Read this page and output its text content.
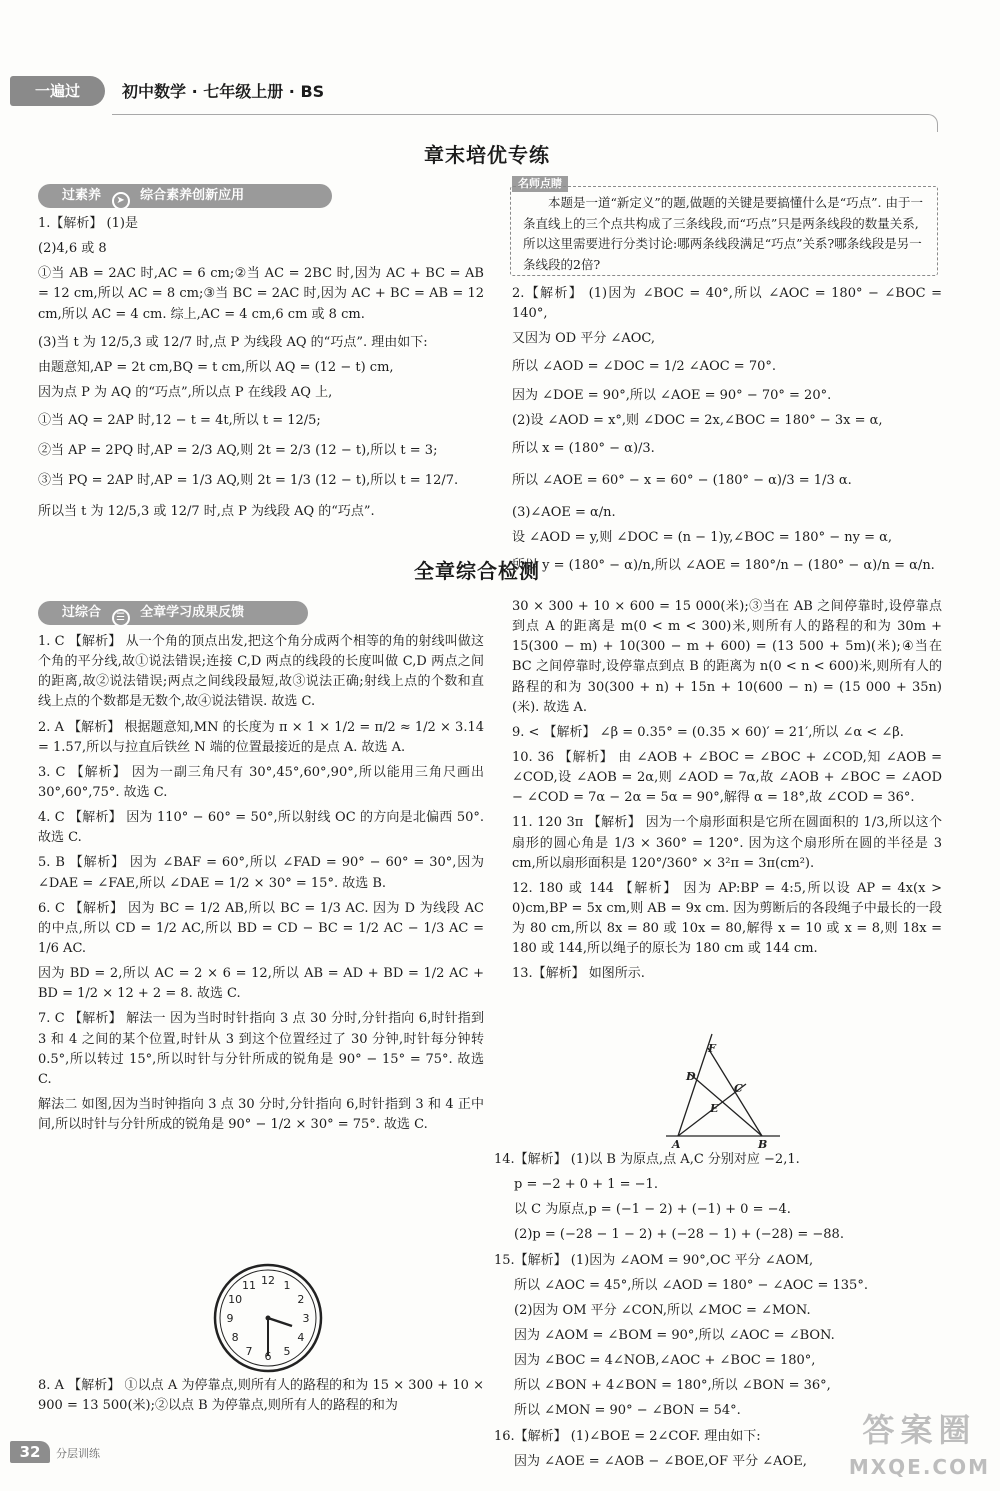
一遍过	初中数学 · 七年级上册 · BS
章末培优专练
过素养 ➤ 综合素养创新应用
名师点睛
本题是一道“新定义”的题,做题的关键是要搞懂什么是“巧点”. 由于一条直线上的三个点共构成了三条线段,而“巧点”只是两条线段的数量关系,所以这里需要进行分类讨论:哪两条线段满足“巧点”关系?哪条线段是另一条线段的2倍?

1.【解析】 (1)是

(2)4,6 或 8

①当 AB = 2AC 时,AC = 6 cm;②当 AC = 2BC 时,因为 AC + BC = AB = 12 cm,所以 AC = 8 cm;③当 BC = 2AC 时,因为 AC + BC = AB = 12 cm,所以 AC = 4 cm. 综上,AC = 4 cm,6 cm 或 8 cm.

(3)当 t 为 12/5,3 或 12/7 时,点 P 为线段 AQ 的“巧点”. 理由如下:

由题意知,AP = 2t cm,BQ = t cm,所以 AQ = (12 − t) cm,

因为点 P 为 AQ 的“巧点”,所以点 P 在线段 AQ 上,

①当 AQ = 2AP 时,12 − t = 4t,所以 t = 12/5;

②当 AP = 2PQ 时,AP = 2/3 AQ,则 2t = 2/3 (12 − t),所以 t = 3;

③当 PQ = 2AP 时,AP = 1/3 AQ,则 2t = 1/3 (12 − t),所以 t = 12/7.

所以当 t 为 12/5,3 或 12/7 时,点 P 为线段 AQ 的“巧点”.

2.【解析】 (1)因为 ∠BOC = 40°,所以 ∠AOC = 180° − ∠BOC = 140°,

又因为 OD 平分 ∠AOC,

所以 ∠AOD = ∠DOC = 1/2 ∠AOC = 70°.

因为 ∠DOE = 90°,所以 ∠AOE = 90° − 70° = 20°.

(2)设 ∠AOD = x°,则 ∠DOC = 2x,∠BOC = 180° − 3x = α,

所以 x = (180° − α)/3.

所以 ∠AOE = 60° − x = 60° − (180° − α)/3 = 1/3 α.

(3)∠AOE = α/n.

设 ∠AOD = y,则 ∠DOC = (n − 1)y,∠BOC = 180° − ny = α,

所以 y = (180° − α)/n,所以 ∠AOE = 180°/n − (180° − α)/n = α/n.

全章综合检测
过综合 ☰ 全章学习成果反馈

1. C 【解析】 从一个角的顶点出发,把这个角分成两个相等的角的射线叫做这个角的平分线,故①说法错误;连接 C,D 两点的线段的长度叫做 C,D 两点之间的距离,故②说法错误;两点之间线段最短,故③说法正确;射线上点的个数和直线上点的个数都是无数个,故④说法错误. 故选 C.

2. A 【解析】 根据题意知,MN 的长度为 π × 1 × 1/2 = π/2 ≈ 1/2 × 3.14 = 1.57,所以与拉直后铁丝 N 端的位置最接近的是点 A. 故选 A.

3. C 【解析】 因为一副三角尺有 30°,45°,60°,90°,所以能用三角尺画出 30°,60°,75°. 故选 C.

4. C 【解析】 因为 110° − 60° = 50°,所以射线 OC 的方向是北偏西 50°. 故选 C.

5. B 【解析】 因为 ∠BAF = 60°,所以 ∠FAD = 90° − 60° = 30°,因为 ∠DAE = ∠FAE,所以 ∠DAE = 1/2 × 30° = 15°. 故选 B.

6. C 【解析】 因为 BC = 1/2 AB,所以 BC = 1/3 AC. 因为 D 为线段 AC 的中点,所以 CD = 1/2 AC,所以 BD = CD − BC = 1/2 AC − 1/3 AC = 1/6 AC.

因为 BD = 2,所以 AC = 2 × 6 = 12,所以 AB = AD + BD = 1/2 AC + BD = 1/2 × 12 + 2 = 8. 故选 C.

7. C 【解析】 解法一 因为当时时针指向 3 点 30 分时,分针指向 6,时针指到 3 和 4 之间的某个位置,时针从 3 到这个位置经过了 30 分钟,时针每分钟转 0.5°,所以转过 15°,所以时针与分针所成的锐角是 90° − 15° = 75°. 故选 C.

解法二 如图,因为当时钟指向 3 点 30 分时,分针指向 6,时针指到 3 和 4 正中间,所以时针与分针所成的锐角是 90° − 1/2 × 30° = 75°. 故选 C.

8. A 【解析】 ①以点 A 为停靠点,则所有人的路程的和为 15 × 300 + 10 × 900 = 13 500(米);②以点 B 为停靠点,则所有人的路程的和为

12 1
2
3
4
5
6
7
8
9
10
11

30 × 300 + 10 × 600 = 15 000(米);③当在 AB 之间停靠时,设停靠点到点 A 的距离是 m(0 < m < 300)米,则所有人的路程的和为 30m + 15(300 − m) + 10(300 − m + 600) = (13 500 + 5m)(米);④当在 BC 之间停靠时,设停靠点到点 B 的距离为 n(0 < n < 600)米,则所有人的路程的和为 30(300 + n) + 15n + 10(600 − n) = (15 000 + 35n)(米). 故选 A.

9. < 【解析】 ∠β = 0.35° = (0.35 × 60)′ = 21′,所以 ∠α < ∠β.

10. 36 【解析】 由 ∠AOB + ∠BOC = ∠BOC + ∠COD,知 ∠AOB = ∠COD,设 ∠AOB = 2α,则 ∠AOD = 7α,故 ∠AOB + ∠BOC = ∠AOD − ∠COD = 7α − 2α = 5α = 90°,解得 α = 18°,故 ∠COD = 36°.

11. 120 3π 【解析】 因为一个扇形面积是它所在圆面积的 1/3,所以这个扇形的圆心角是 1/3 × 360° = 120°. 因为这个扇形所在圆的半径是 3 cm,所以扇形面积是 120°/360° × 3²π = 3π(cm²).

12. 180 或 144 【解析】 因为 AP:BP = 4:5,所以设 AP = 4x(x > 0)cm,BP = 5x cm,则 AB = 9x cm. 因为剪断后的各段绳子中最长的一段为 80 cm,所以 8x = 80 或 10x = 80,解得 x = 10 或 x = 8,则 18x = 180 或 144,所以绳子的原长为 180 cm 或 144 cm.

13.【解析】 如图所示.

F
D
C
E
A	B

14.【解析】 (1)以 B 为原点,点 A,C 分别对应 −2,1.

p = −2 + 0 + 1 = −1.

以 C 为原点,p = (−1 − 2) + (−1) + 0 = −4.

(2)p = (−28 − 1 − 2) + (−28 − 1) + (−28) = −88.

15.【解析】 (1)因为 ∠AOM = 90°,OC 平分 ∠AOM,

所以 ∠AOC = 45°,所以 ∠AOD = 180° − ∠AOC = 135°.

(2)因为 OM 平分 ∠CON,所以 ∠MOC = ∠MON.

因为 ∠AOM = ∠BOM = 90°,所以 ∠AOC = ∠BON.

因为 ∠BOC = 4∠NOB,∠AOC + ∠BOC = 180°,

所以 ∠BON + 4∠BON = 180°,所以 ∠BON = 36°,

所以 ∠MON = 90° − ∠BON = 54°.

16.【解析】 (1)∠BOE = 2∠COF. 理由如下:

因为 ∠AOE = ∠AOB − ∠BOE,OF 平分 ∠AOE,

32	分层训练
答案圈
MXQE.COM
